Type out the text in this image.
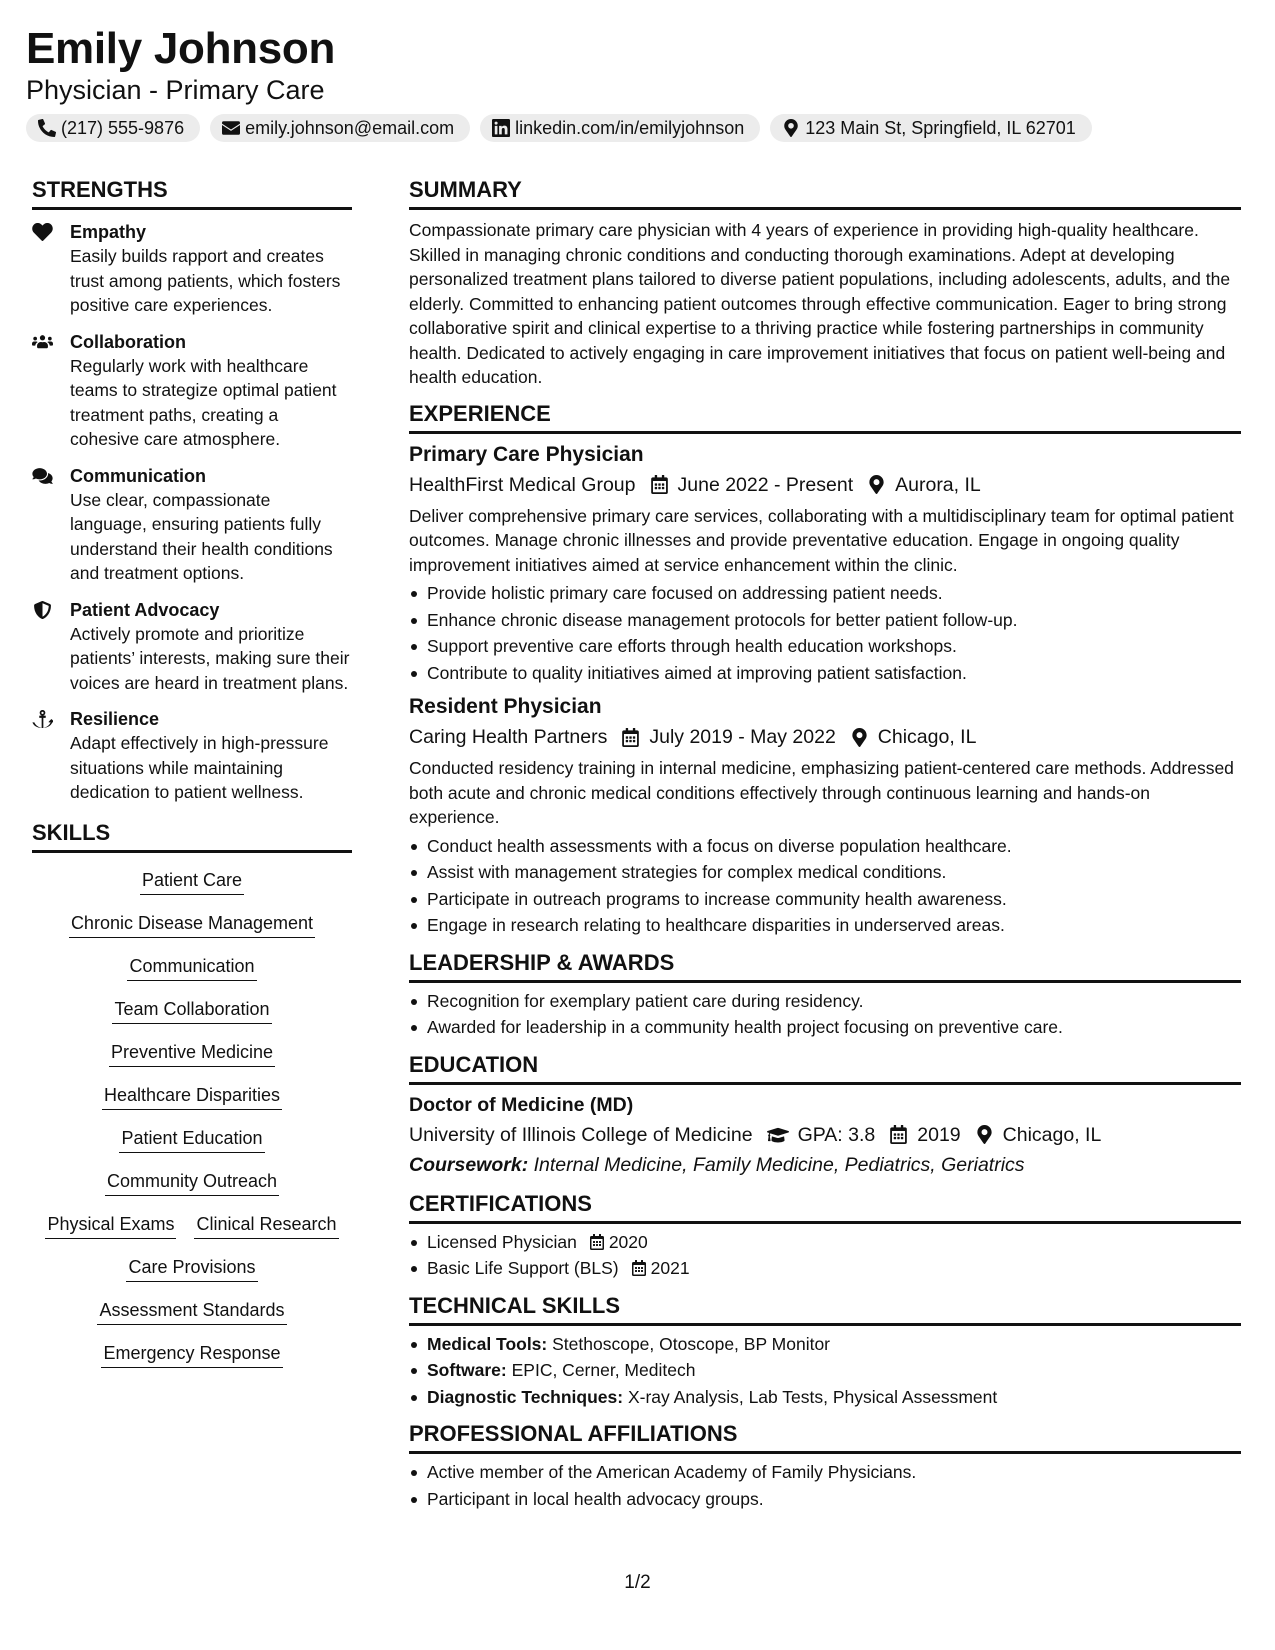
Emily Johnson
Physician - Primary Care
(217) 555-9876	emily.johnson@email.com	linkedin.com/in/emilyjohnson	123 Main St, Springfield, IL 62701
STRENGTHS
Empathy
Easily builds rapport and creates trust among patients, which fosters positive care experiences.
Collaboration
Regularly work with healthcare teams to strategize optimal patient treatment paths, creating a cohesive care atmosphere.
Communication
Use clear, compassionate language, ensuring patients fully understand their health conditions and treatment options.
Patient Advocacy
Actively promote and prioritize patients’ interests, making sure their voices are heard in treatment plans.
Resilience
Adapt effectively in high-pressure situations while maintaining dedication to patient wellness.
SKILLS
Patient Care
Chronic Disease Management
Communication
Team Collaboration
Preventive Medicine
Healthcare Disparities
Patient Education
Community Outreach
Physical Exams Clinical Research
Care Provisions
Assessment Standards
Emergency Response
SUMMARY
Compassionate primary care physician with 4 years of experience in providing high-quality healthcare. Skilled in managing chronic conditions and conducting thorough examinations. Adept at developing personalized treatment plans tailored to diverse patient populations, including adolescents, adults, and the elderly. Committed to enhancing patient outcomes through effective communication. Eager to bring strong collaborative spirit and clinical expertise to a thriving practice while fostering partnerships in community health. Dedicated to actively engaging in care improvement initiatives that focus on patient well-being and health education.
EXPERIENCE
Primary Care Physician
HealthFirst Medical Group June 2022 - Present Aurora, IL
Deliver comprehensive primary care services, collaborating with a multidisciplinary team for optimal patient outcomes. Manage chronic illnesses and provide preventative education. Engage in ongoing quality improvement initiatives aimed at service enhancement within the clinic.
Provide holistic primary care focused on addressing patient needs.
Enhance chronic disease management protocols for better patient follow-up.
Support preventive care efforts through health education workshops.
Contribute to quality initiatives aimed at improving patient satisfaction.
Resident Physician
Caring Health Partners July 2019 - May 2022 Chicago, IL
Conducted residency training in internal medicine, emphasizing patient-centered care methods. Addressed both acute and chronic medical conditions effectively through continuous learning and hands-on experience.
Conduct health assessments with a focus on diverse population healthcare.
Assist with management strategies for complex medical conditions.
Participate in outreach programs to increase community health awareness.
Engage in research relating to healthcare disparities in underserved areas.
LEADERSHIP & AWARDS
Recognition for exemplary patient care during residency.
Awarded for leadership in a community health project focusing on preventive care.
EDUCATION
Doctor of Medicine (MD)
University of Illinois College of Medicine GPA: 3.8 2019 Chicago, IL
Coursework: Internal Medicine, Family Medicine, Pediatrics, Geriatrics
CERTIFICATIONS
Licensed Physician 2020
Basic Life Support (BLS) 2021
TECHNICAL SKILLS
Medical Tools: Stethoscope, Otoscope, BP Monitor
Software: EPIC, Cerner, Meditech
Diagnostic Techniques: X-ray Analysis, Lab Tests, Physical Assessment
PROFESSIONAL AFFILIATIONS
Active member of the American Academy of Family Physicians.
Participant in local health advocacy groups.
1/2
